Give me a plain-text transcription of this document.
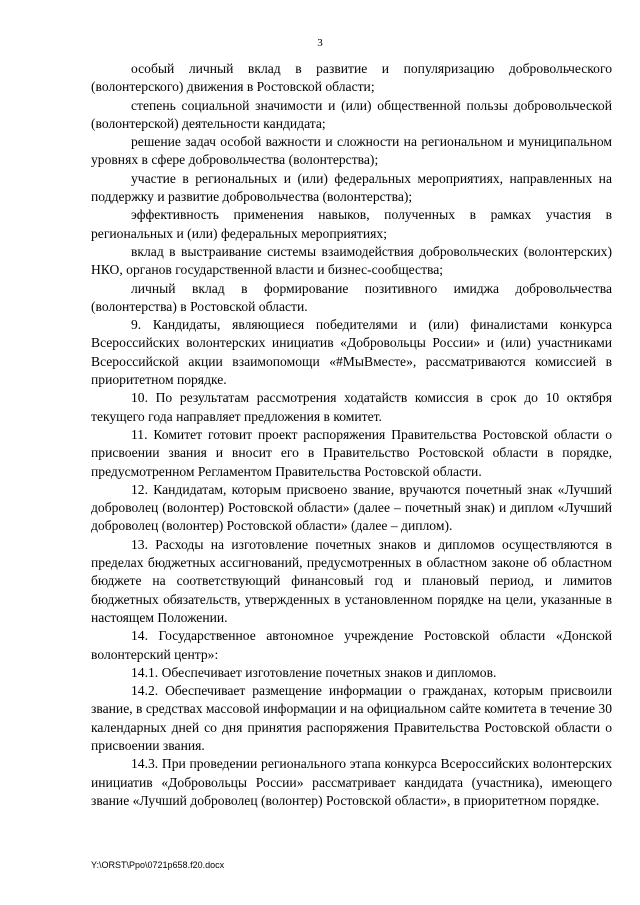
3

особый личный вклад в развитие и популяризацию добровольческого (волонтерского) движения в Ростовской области;

степень социальной значимости и (или) общественной пользы добровольческой (волонтерской) деятельности кандидата;

решение задач особой важности и сложности на региональном и муниципальном уровнях в сфере добровольчества (волонтерства);

участие в региональных и (или) федеральных мероприятиях, направленных на поддержку и развитие добровольчества (волонтерства);

эффективность применения навыков, полученных в рамках участия в региональных и (или) федеральных мероприятиях;

вклад в выстраивание системы взаимодействия добровольческих (волонтерских) НКО, органов государственной власти и бизнес-сообщества;

личный вклад в формирование позитивного имиджа добровольчества (волонтерства) в Ростовской области.

9. Кандидаты, являющиеся победителями и (или) финалистами конкурса Всероссийских волонтерских инициатив «Добровольцы России» и (или) участниками Всероссийской акции взаимопомощи «#МыВместе», рассматриваются комиссией в приоритетном порядке.

10. По результатам рассмотрения ходатайств комиссия в срок до 10 октября текущего года направляет предложения в комитет.

11. Комитет готовит проект распоряжения Правительства Ростовской области о присвоении звания и вносит его в Правительство Ростовской области в порядке, предусмотренном Регламентом Правительства Ростовской области.

12. Кандидатам, которым присвоено звание, вручаются почетный знак «Лучший доброволец (волонтер) Ростовской области» (далее – почетный знак) и диплом «Лучший доброволец (волонтер) Ростовской области» (далее – диплом).

13. Расходы на изготовление почетных знаков и дипломов осуществляются в пределах бюджетных ассигнований, предусмотренных в областном законе об областном бюджете на соответствующий финансовый год и плановый период, и лимитов бюджетных обязательств, утвержденных в установленном порядке на цели, указанные в настоящем Положении.

14. Государственное автономное учреждение Ростовской области «Донской волонтерский центр»:

14.1. Обеспечивает изготовление почетных знаков и дипломов.

14.2. Обеспечивает размещение информации о гражданах, которым присвоили звание, в средствах массовой информации и на официальном сайте комитета в течение 30 календарных дней со дня принятия распоряжения Правительства Ростовской области о присвоении звания.

14.3. При проведении регионального этапа конкурса Всероссийских волонтерских инициатив «Добровольцы России» рассматривает кандидата (участника), имеющего звание «Лучший доброволец (волонтер) Ростовской области», в приоритетном порядке.

Y:\ORST\Ppo\0721p658.f20.docx
